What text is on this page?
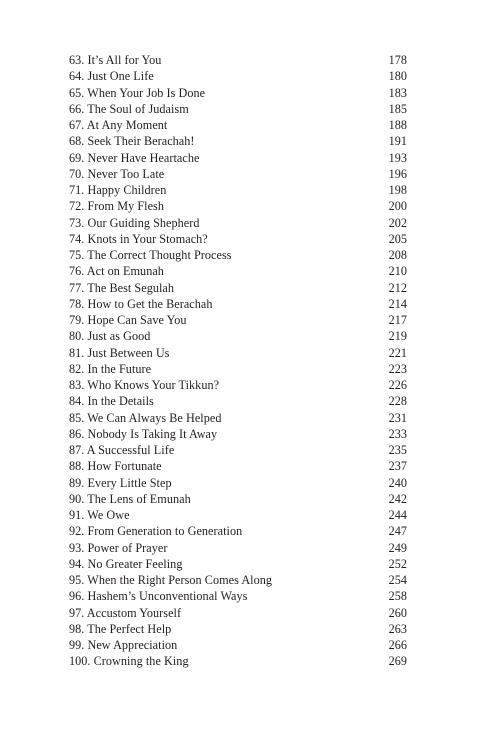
63. It’s All for You	178
64. Just One Life	180
65. When Your Job Is Done	183
66. The Soul of Judaism	185
67. At Any Moment	188
68. Seek Their Berachah!	191
69. Never Have Heartache	193
70. Never Too Late	196
71. Happy Children	198
72. From My Flesh	200
73. Our Guiding Shepherd	202
74. Knots in Your Stomach?	205
75. The Correct Thought Process	208
76. Act on Emunah	210
77. The Best Segulah	212
78. How to Get the Berachah	214
79. Hope Can Save You	217
80. Just as Good	219
81. Just Between Us	221
82. In the Future	223
83. Who Knows Your Tikkun?	226
84. In the Details	228
85. We Can Always Be Helped	231
86. Nobody Is Taking It Away	233
87. A Successful Life	235
88. How Fortunate	237
89. Every Little Step	240
90. The Lens of Emunah	242
91. We Owe	244
92. From Generation to Generation	247
93. Power of Prayer	249
94. No Greater Feeling	252
95. When the Right Person Comes Along	254
96. Hashem’s Unconventional Ways	258
97. Accustom Yourself	260
98. The Perfect Help	263
99. New Appreciation	266
100. Crowning the King	269
